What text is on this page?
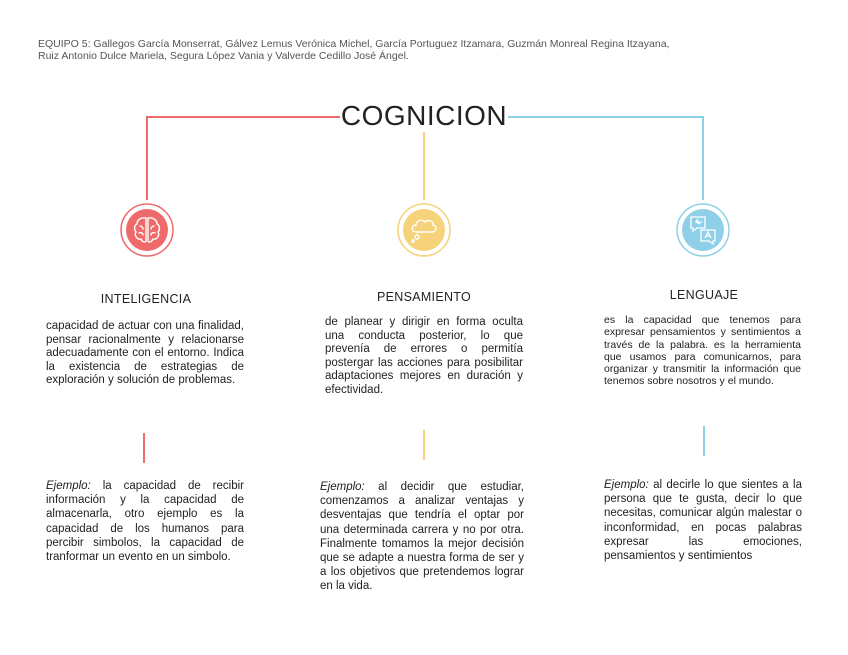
EQUIPO 5: Gallegos García Monserrat, Gálvez Lemus Verónica Michel, García Portuguez Itzamara, Guzmán Monreal Regina Itzayana,
Ruiz Antonio Dulce Mariela, Segura López Vania y Valverde Cedillo José Ángel.
COGNICION
INTELIGENCIA	PENSAMIENTO	LENGUAJE
capacidad de actuar con una finalidad, pensar racionalmente y relacionarse adecuadamente con el entorno. Indica la existencia de estrategias de exploración y solución de problemas.
de planear y dirigir en forma oculta una conducta posterior, lo que prevenía de errores o permitía postergar las acciones para posibilitar adaptaciones mejores en duración y efectividad.
es la capacidad que tenemos para expresar pensamientos y sentimientos a través de la palabra. es la herramienta que usamos para comunicarnos, para organizar y transmitir la información que tenemos sobre nosotros y el mundo.
Ejemplo: la capacidad de recibir información y la capacidad de almacenarla, otro ejemplo es la capacidad de los humanos para percibir simbolos, la capacidad de tranformar un evento en un simbolo.
Ejemplo: al decidir que estudiar, comenzamos a analizar ventajas y desventajas que tendría el optar por una determinada carrera y no por otra. Finalmente tomamos la mejor decisión que se adapte a nuestra forma de ser y a los objetivos que pretendemos lograr en la vida.
Ejemplo: al decirle lo que sientes a la persona que te gusta, decir lo que necesitas, comunicar algún malestar o inconformidad, en pocas palabras expresar las emociones, pensamientos y sentimientos
